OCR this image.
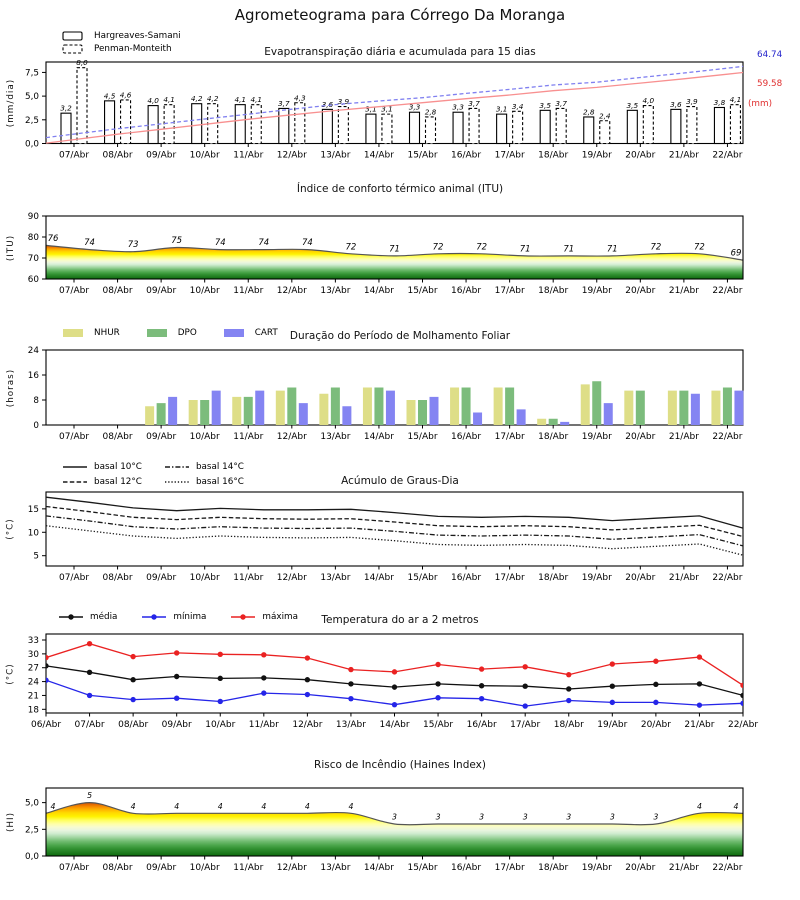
Agrometeograma para Córrego Da Moranga
0,0
2,5
5,0
7,5
07/Abr 08/Abr 09/Abr 10/Abr 11/Abr 12/Abr 13/Abr 14/Abr 15/Abr 16/Abr 17/Abr 18/Abr 19/Abr 20/Abr 21/Abr 22/Abr
3,2
4,5
4,0	4,2	4,1	3,7	3,6
3,1	3,3	3,3	3,1	3,5
2,8
3,5	3,6	3,8
8,0
4,6
4,1	4,2	4,1	4,3	3,9
3,1	2,8
3,7	3,4	3,7
2,4
4,0	3,9	4,1
(mm/dia)
Evapotranspiração diária e acumulada para 15 dias
Hargreaves-Samani
Penman-Monteith
64.74
59.58
(mm)
76	74	73	75	74	74	74	72	71	72	72	71	71	71	72	72
69
60
70
80
90
07/Abr 08/Abr 09/Abr 10/Abr 11/Abr 12/Abr 13/Abr 14/Abr 15/Abr 16/Abr 17/Abr 18/Abr 19/Abr 20/Abr 21/Abr 22/Abr
(ITU)
Índice de conforto térmico animal (ITU)
0
8
16
24
07/Abr 08/Abr 09/Abr 10/Abr 11/Abr 12/Abr 13/Abr 14/Abr 15/Abr 16/Abr 17/Abr 18/Abr 19/Abr 20/Abr 21/Abr 22/Abr
(horas)
Duração do Período de Molhamento Foliar
NHUR	DPO	CART
5
10
15
07/Abr 08/Abr 09/Abr 10/Abr 11/Abr 12/Abr 13/Abr 14/Abr 15/Abr 16/Abr 17/Abr 18/Abr 19/Abr 20/Abr 21/Abr 22/Abr
(°C)
Acúmulo de Graus-Dia
basal 10°C
basal 12°C
basal 14°C
basal 16°C
18
21
24
27
30
33
06/Abr 07/Abr 08/Abr 09/Abr 10/Abr 11/Abr 12/Abr 13/Abr 14/Abr 15/Abr 16/Abr 17/Abr 18/Abr 19/Abr 20/Abr 21/Abr 22/Abr
(°C)
Temperatura do ar a 2 metros
média	mínima	máxima
4
5
4	4	4	4	4	4
3	3	3	3	3	3	3
4	4
0,0
2,5
5,0
07/Abr 08/Abr 09/Abr 10/Abr 11/Abr 12/Abr 13/Abr 14/Abr 15/Abr 16/Abr 17/Abr 18/Abr 19/Abr 20/Abr 21/Abr 22/Abr
(HI)
Risco de Incêndio (Haines Index)
